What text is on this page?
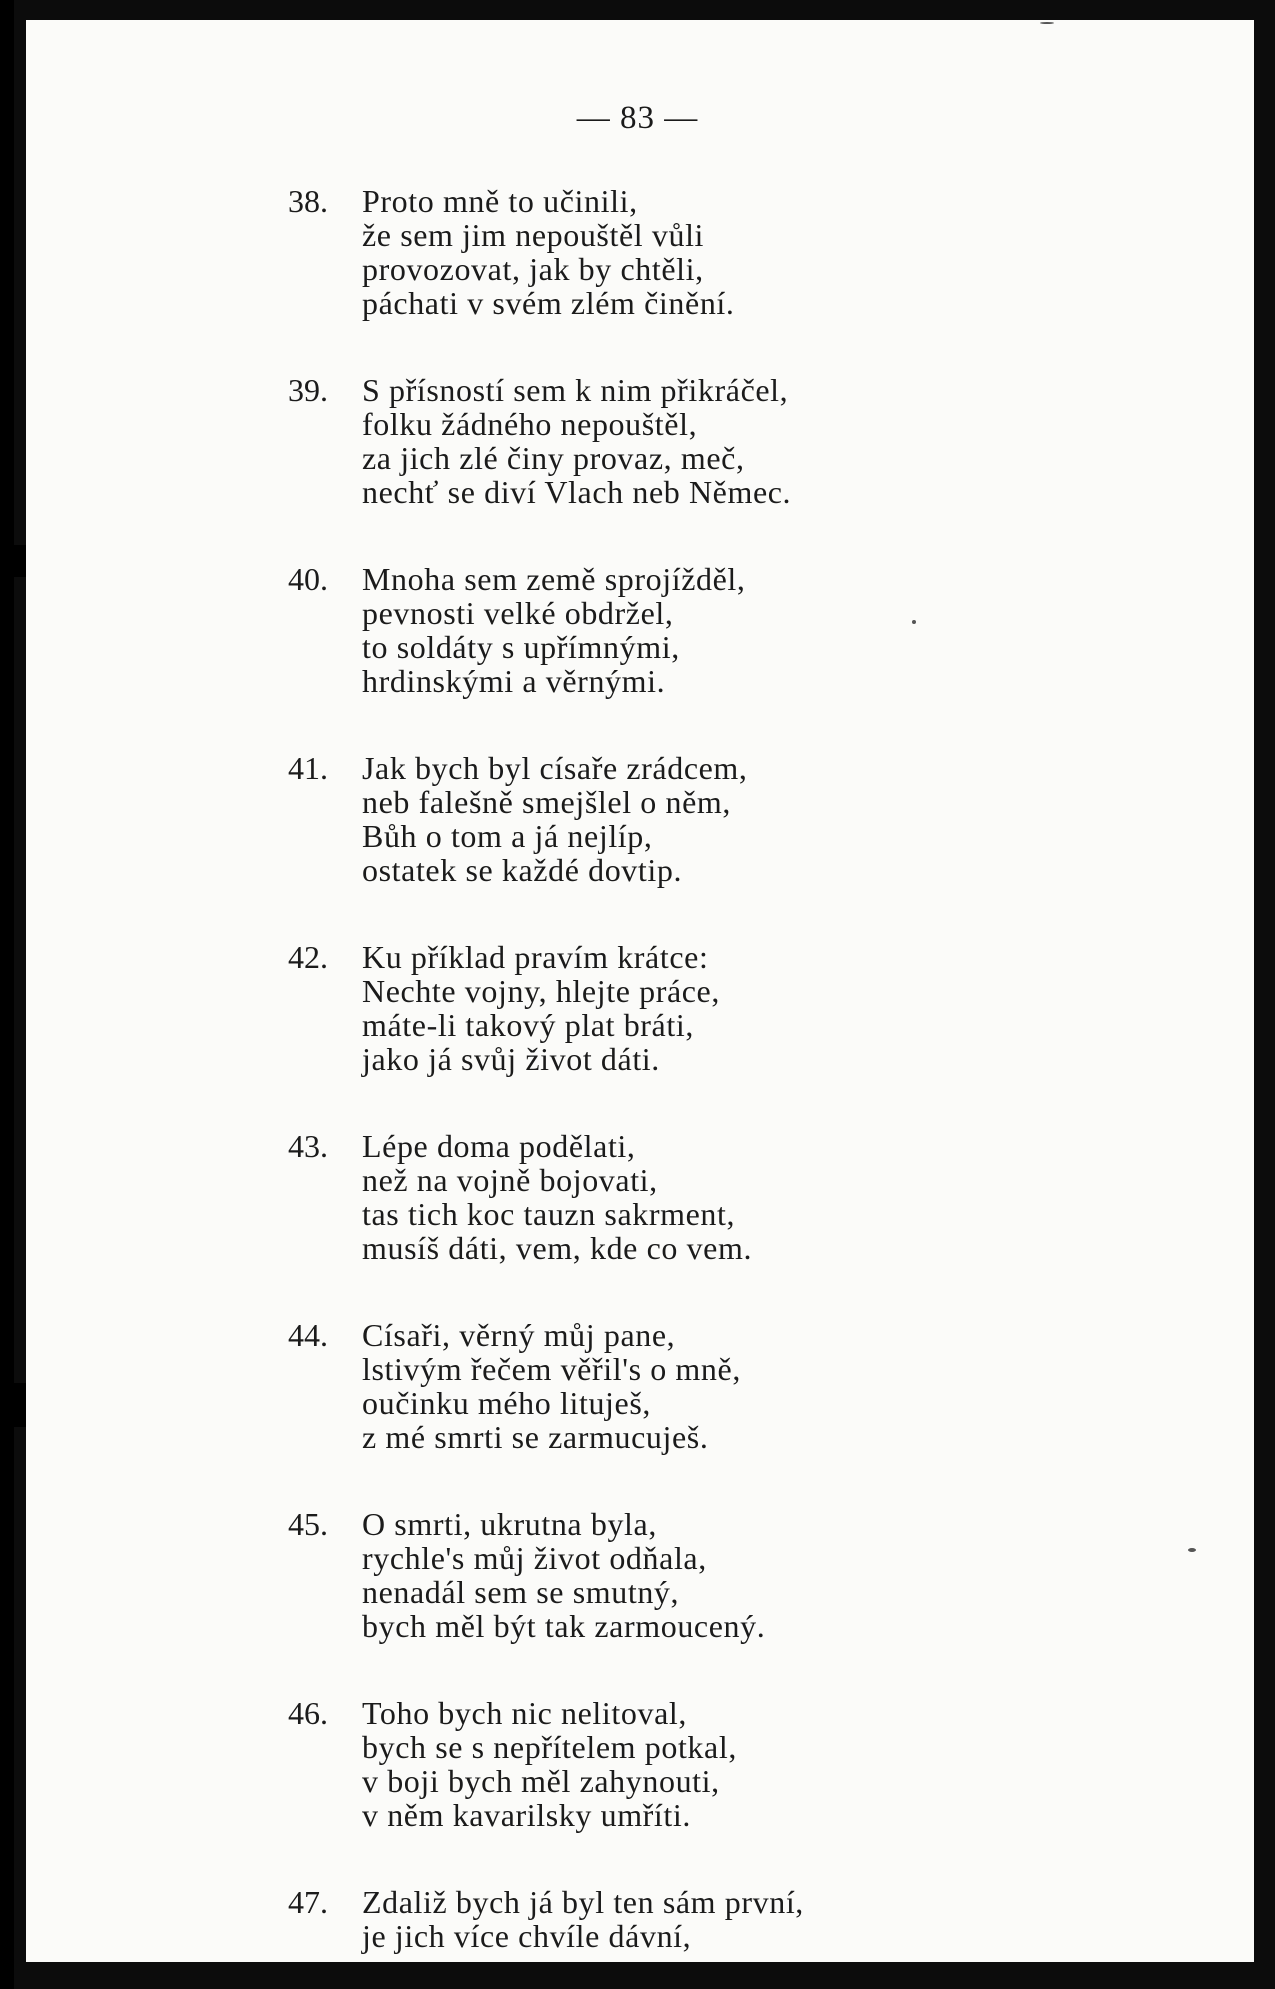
— 83 —
38.	Proto mně to učinili,
že sem jim nepouštěl vůli
provozovat, jak by chtěli,
páchati v svém zlém činění.
39.	S přísností sem k nim přikráčel,
folku žádného nepouštěl,
za jich zlé činy provaz, meč,
nechť se diví Vlach neb Němec.
40.	Mnoha sem země sprojížděl,
pevnosti velké obdržel,
to soldáty s upřímnými,
hrdinskými a věrnými.
41.	Jak bych byl císaře zrádcem,
neb falešně smejšlel o něm,
Bůh o tom a já nejlíp,
ostatek se každé dovtip.
42.	Ku příklad pravím krátce:
Nechte vojny, hlejte práce,
máte-li takový plat bráti,
jako já svůj život dáti.
43.	Lépe doma podělati,
než na vojně bojovati,
tas tich koc tauzn sakrment,
musíš dáti, vem, kde co vem.
44.	Císaři, věrný můj pane,
lstivým řečem věřil's o mně,
oučinku mého lituješ,
z mé smrti se zarmucuješ.
45.	O smrti, ukrutna byla,
rychle's můj život odňala,
nenadál sem se smutný,
bych měl být tak zarmoucený.
46.	Toho bych nic nelitoval,
bych se s nepřítelem potkal,
v boji bych měl zahynouti,
v něm kavarilsky umříti.
47.	Zdaliž bych já byl ten sám první,
je jich více chvíle dávní,
